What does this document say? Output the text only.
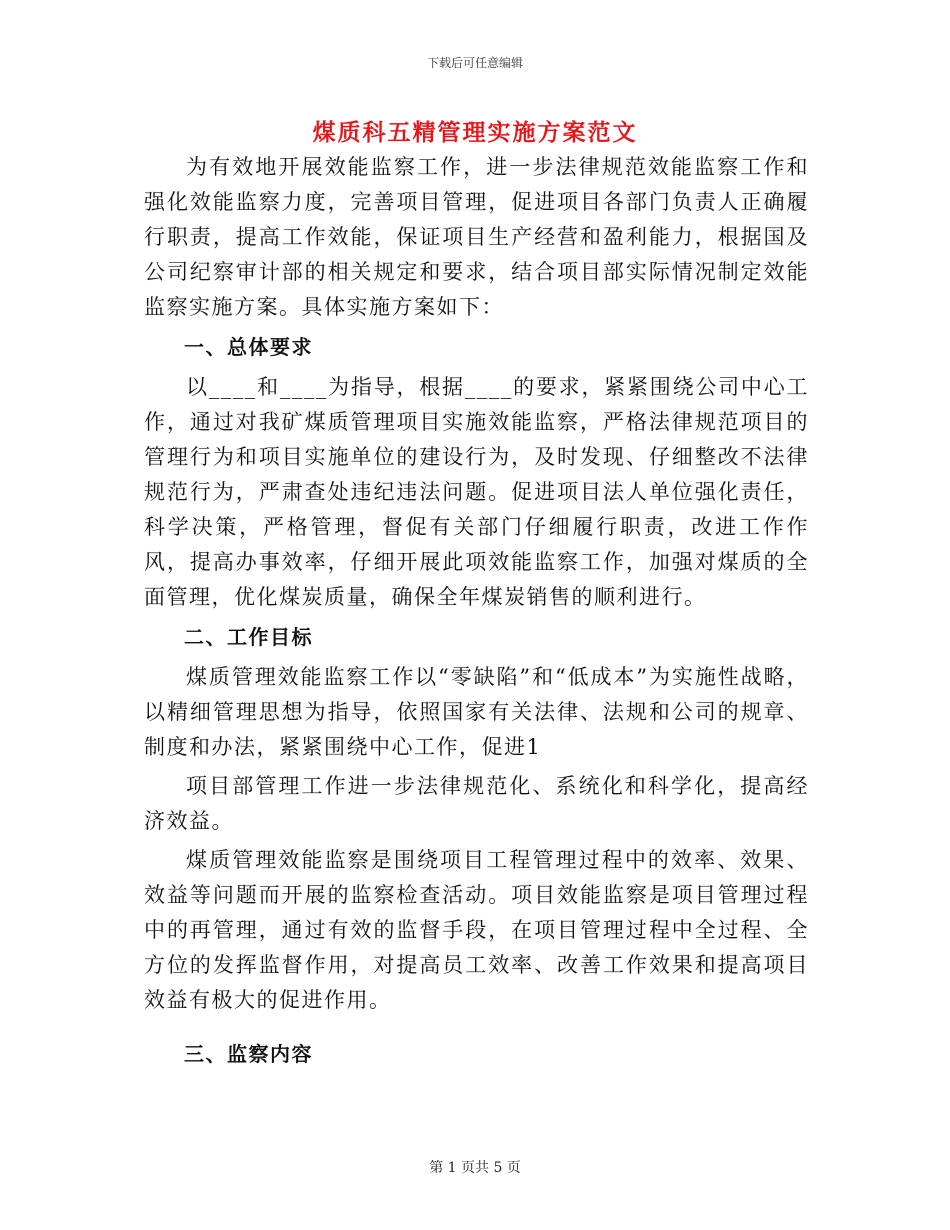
下载后可任意编辑
煤质科五精管理实施方案范文

为有效地开展效能监察工作，进一步法律规范效能监察工作和强化效能监察力度，完善项目管理，促进项目各部门负责人正确履行职责，提高工作效能，保证项目生产经营和盈利能力，根据国及公司纪察审计部的相关规定和要求，结合项目部实际情况制定效能监察实施方案。具体实施方案如下：

一、总体要求

以____和____为指导，根据____的要求，紧紧围绕公司中心工作，通过对我矿煤质管理项目实施效能监察，严格法律规范项目的管理行为和项目实施单位的建设行为，及时发现、仔细整改不法律规范行为，严肃查处违纪违法问题。促进项目法人单位强化责任，科学决策，严格管理，督促有关部门仔细履行职责，改进工作作风，提高办事效率，仔细开展此项效能监察工作，加强对煤质的全面管理，优化煤炭质量，确保全年煤炭销售的顺利进行。

二、工作目标

煤质管理效能监察工作以“零缺陷”和“低成本”为实施性战略，以精细管理思想为指导，依照国家有关法律、法规和公司的规章、制度和办法，紧紧围绕中心工作，促进1

项目部管理工作进一步法律规范化、系统化和科学化，提高经济效益。

煤质管理效能监察是围绕项目工程管理过程中的效率、效果、效益等问题而开展的监察检查活动。项目效能监察是项目管理过程中的再管理，通过有效的监督手段，在项目管理过程中全过程、全方位的发挥监督作用，对提高员工效率、改善工作效果和提高项目效益有极大的促进作用。

三、监察内容

第 1 页共 5 页
